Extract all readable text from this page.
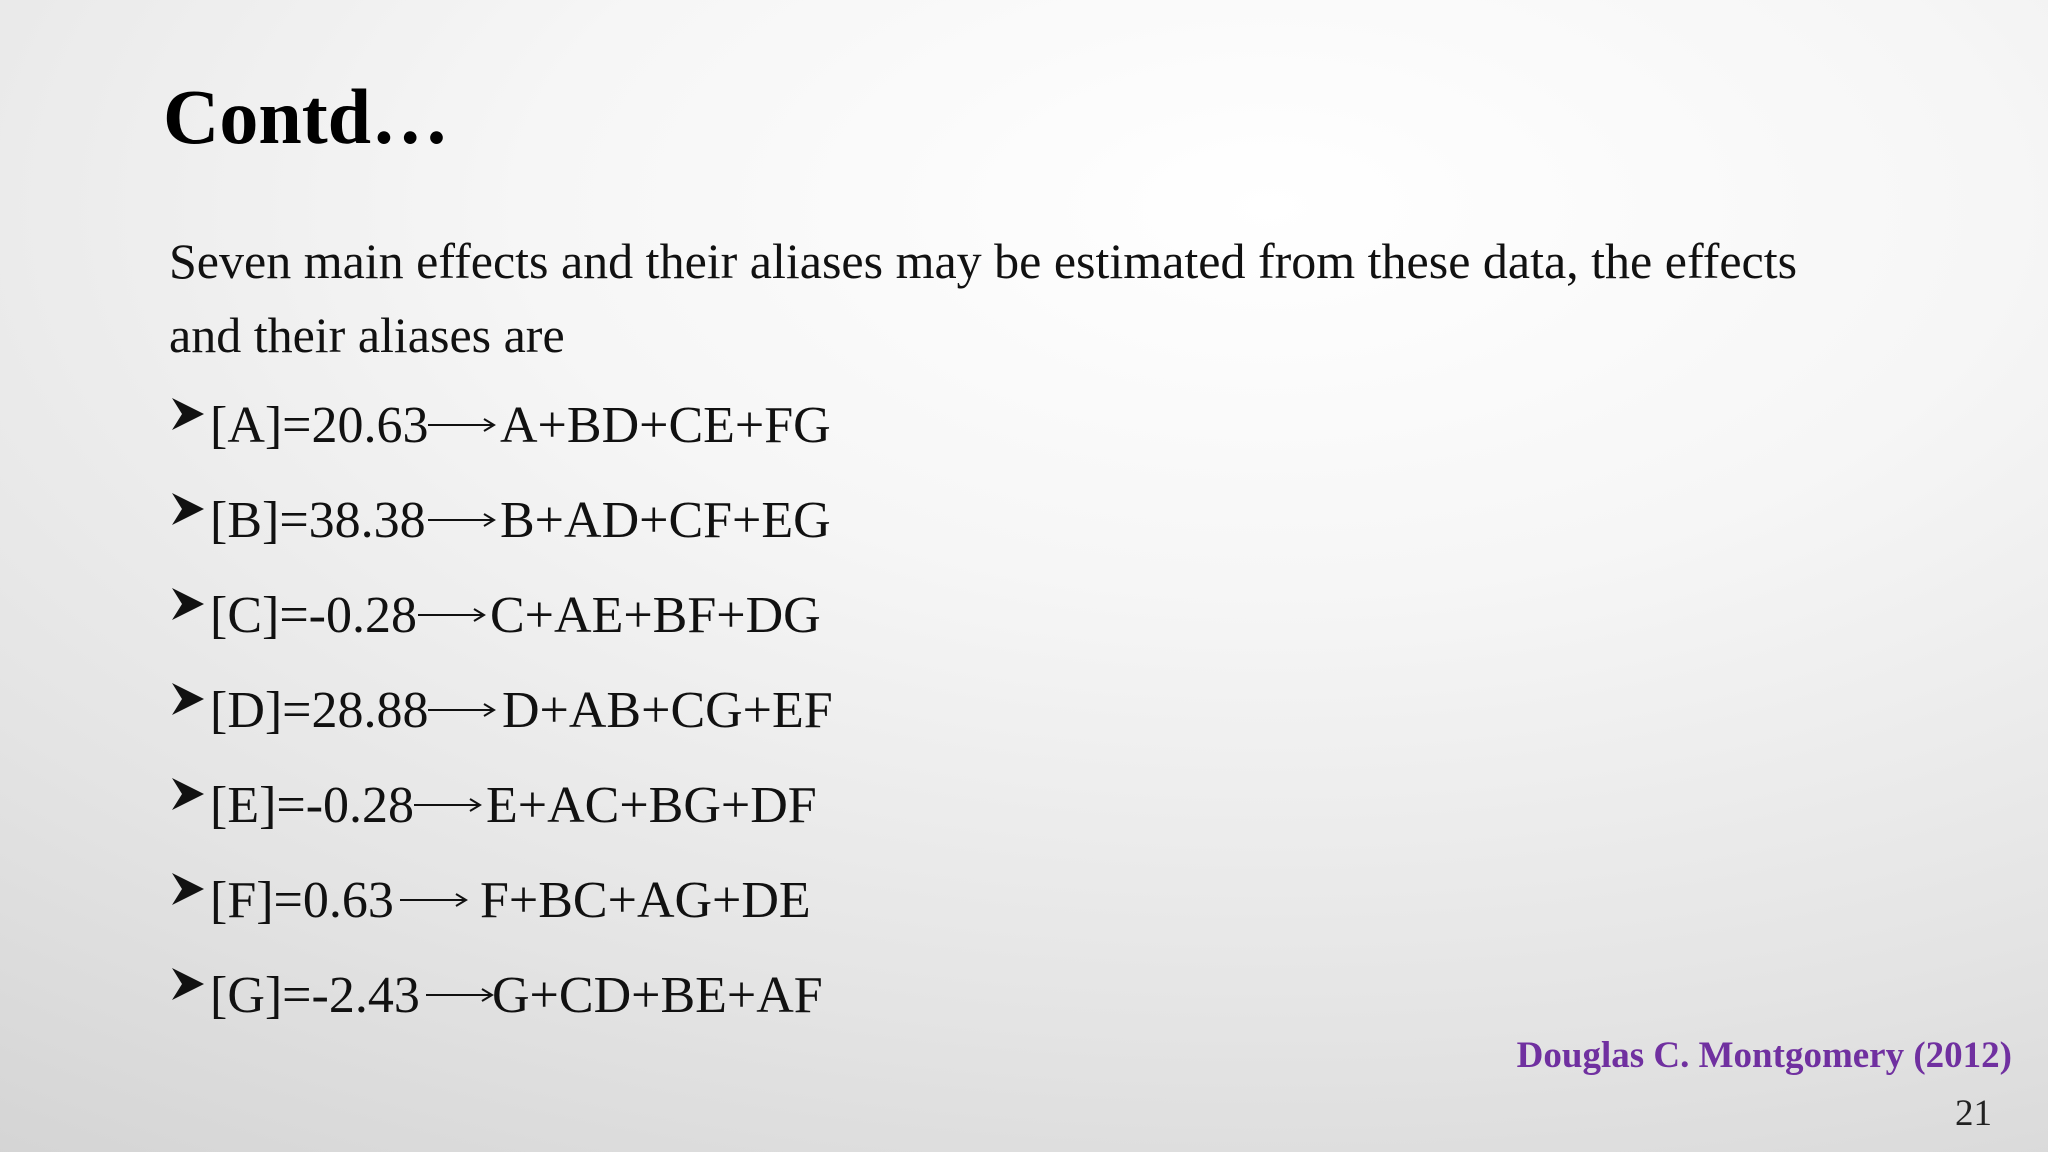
Contd…

Seven main effects and their aliases may be estimated from these data, the effects
and their aliases are

[A]=20.63 A+BD+CE+FG
[B]=38.38 B+AD+CF+EG
[C]=-0.28 C+AE+BF+DG
[D]=28.88 D+AB+CG+EF
[E]=-0.28 E+AC+BG+DF
[F]=0.63 F+BC+AG+DE
[G]=-2.43 G+CD+BE+AF
Douglas C. Montgomery (2012)
21
